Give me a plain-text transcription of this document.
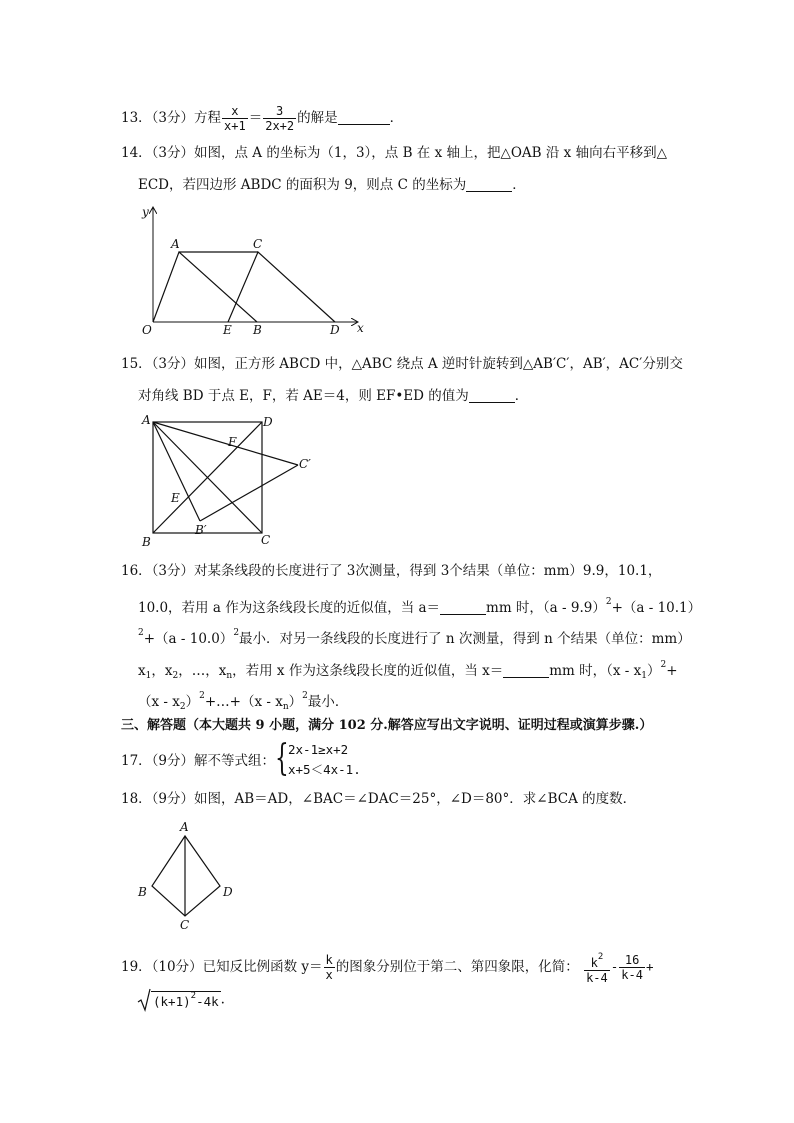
13．（3分）方程 $\frac{x}{x+1} = \frac{3}{2x+2}$ 的解是	．
14．（3分）如图，点 A 的坐标为（1，3），点 B 在 x 轴上，把△OAB 沿 x 轴向右平移到△
ECD，若四边形 ABDC 的面积为 9，则点 C 的坐标为	．
y
x
O
A	C
E B	D
15．（3分）如图，正方形 ABCD 中，△ABC 绕点 A 逆时针旋转到△AB′C′，AB′，AC′分别交
对角线 BD 于点 E，F，若 AE＝4，则 EF•ED 的值为	．
A	D
F
C′
E
B′
B	C
16．（3分）对某条线段的长度进行了 3次测量，得到 3个结果（单位：mm）9.9，10.1，
10.0，若用 a 作为这条线段长度的近似值，当 a＝	mm 时，（a - 9.9）$^2$+（a - 10.1）
$^2$+（a - 10.0）$^2$最小．对另一条线段的长度进行了 n 次测量，得到 n 个结果（单位：mm）
$x_1$，$x_2$，…，$x_n$，若用 x 作为这条线段长度的近似值，当 x＝	mm 时，$(x - x_1)^2+$
$(x - x_2)^2+\dots+(x - x_n)^2$最小．
三、解答题（本大题共 9 小题，满分 102 分.解答应写出文字说明、证明过程或演算步骤.）
17．（9分）解不等式组： { 2x-1≥x+2
x+5＜4x-1.
18．（9分）如图，AB＝AD，∠BAC＝∠DAC＝25°，∠D＝80°．求∠BCA 的度数．
A
B
C
D
19．（10分）已知反比例函数 $y= \frac{k}{x}$ 的图象分别位于第二、第四象限，化简： $\frac{k^2}{k-4} - \frac{16}{k-4}$ +
$(k+1)^2-4k$ .
